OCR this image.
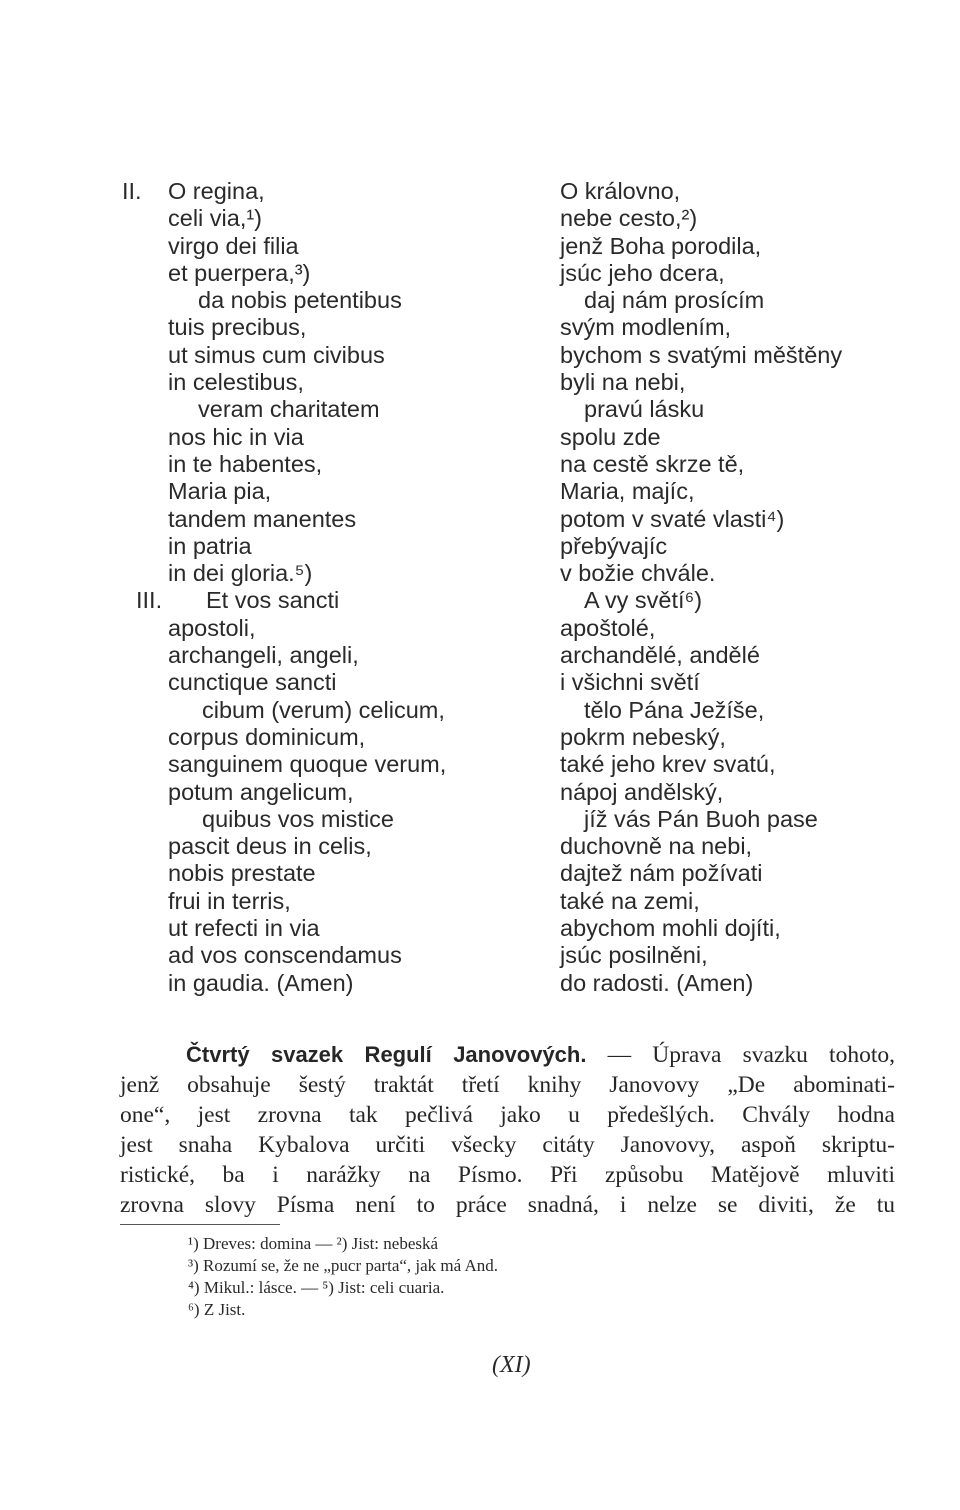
II. O regina,
celi via,¹)
virgo dei filia
et puerpera,³)
da nobis petentibus
tuis precibus,
ut simus cum civibus
in celestibus,
veram charitatem
nos hic in via
in te habentes,
Maria pia,
tandem manentes
in patria
in dei gloria.⁵)
III. Et vos sancti
apostoli,
archangeli, angeli,
cunctique sancti
cibum (verum) celicum,
corpus dominicum,
sanguinem quoque verum,
potum angelicum,
quibus vos mistice
pascit deus in celis,
nobis prestate
frui in terris,
ut refecti in via
ad vos conscendamus
in gaudia. (Amen)
O královno,
nebe cesto,²)
jenž Boha porodila,
jsúc jeho dcera,
daj nám prosícím
svým modlením,
bychom s svatými měštěny
byli na nebi,
pravú lásku
spolu zde
na cestě skrze tě,
Maria, majíc,
potom v svaté vlasti⁴)
přebývajíc
v božie chvále.
A vy světí⁶)
apoštolé,
archandělé, andělé
i všichni světí
tělo Pána Ježíše,
pokrm nebeský,
také jeho krev svatú,
nápoj andělský,
jíž vás Pán Buoh pase
duchovně na nebi,
dajtež nám požívati
také na zemi,
abychom mohli dojíti,
jsúc posilněni,
do radosti. (Amen)
Čtvrtý svazek Regulí Janovových. — Úprava svazku tohoto,
jenž obsahuje šestý traktát třetí knihy Janovovy „De abominati-
one“, jest zrovna tak pečlivá jako u předešlých. Chvály hodna
jest snaha Kybalova určiti všecky citáty Janovovy, aspoň skriptu-
ristické, ba i narážky na Písmo. Při způsobu Matějově mluviti
zrovna slovy Písma není to práce snadná, i nelze se diviti, že tu
¹) Dreves: domina — ²) Jist: nebeská
³) Rozumí se, že ne „pucr parta“, jak má And.
⁴) Mikul.: lásce. — ⁵) Jist: celi cuaria.
⁶) Z Jist.
(XI)
